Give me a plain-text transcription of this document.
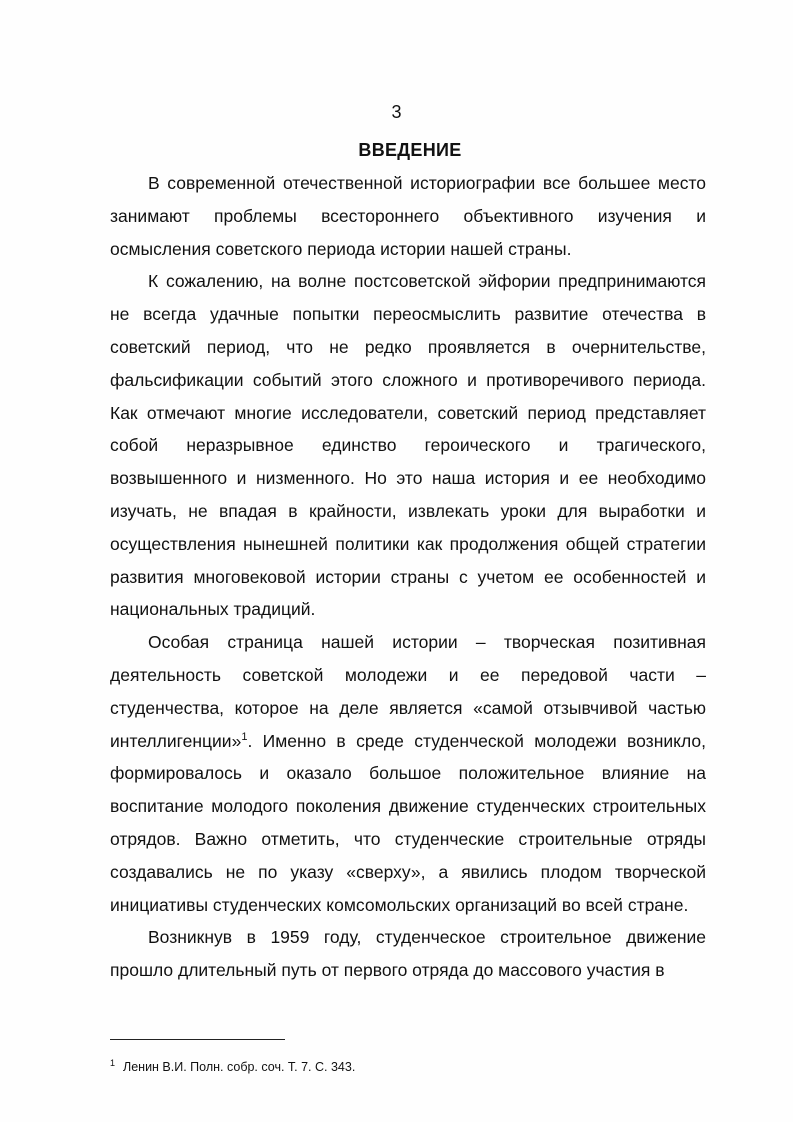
3
ВВЕДЕНИЕ

В современной отечественной историографии все большее место занимают проблемы всестороннего объективного изучения и осмысления советского периода истории нашей страны.

К сожалению, на волне постсоветской эйфории предпринимаются не всегда удачные попытки переосмыслить развитие отечества в советский период, что не редко проявляется в очернительстве, фальсификации событий этого сложного и противоречивого периода. Как отмечают многие исследователи, советский период представляет собой неразрывное единство героического и трагического, возвышенного и низменного. Но это наша история и ее необходимо изучать, не впадая в крайности, извлекать уроки для выработки и осуществления нынешней политики как продолжения общей стратегии развития многовековой истории страны с учетом ее особенностей и национальных традиций.

Особая страница нашей истории – творческая позитивная деятельность советской молодежи и ее передовой части – студенчества, которое на деле является «самой отзывчивой частью интеллигенции»$^1$. Именно в среде студенческой молодежи возникло, формировалось и оказало большое положительное влияние на воспитание молодого поколения движение студенческих строительных отрядов. Важно отметить, что студенческие строительные отряды создавались не по указу «сверху», а явились плодом творческой инициативы студенческих комсомольских организаций во всей стране.

Возникнув в 1959 году, студенческое строительное движение прошло длительный путь от первого отряда до массового участия в

$^1$ Ленин В.И. Полн. собр. соч. Т. 7. С. 343.
